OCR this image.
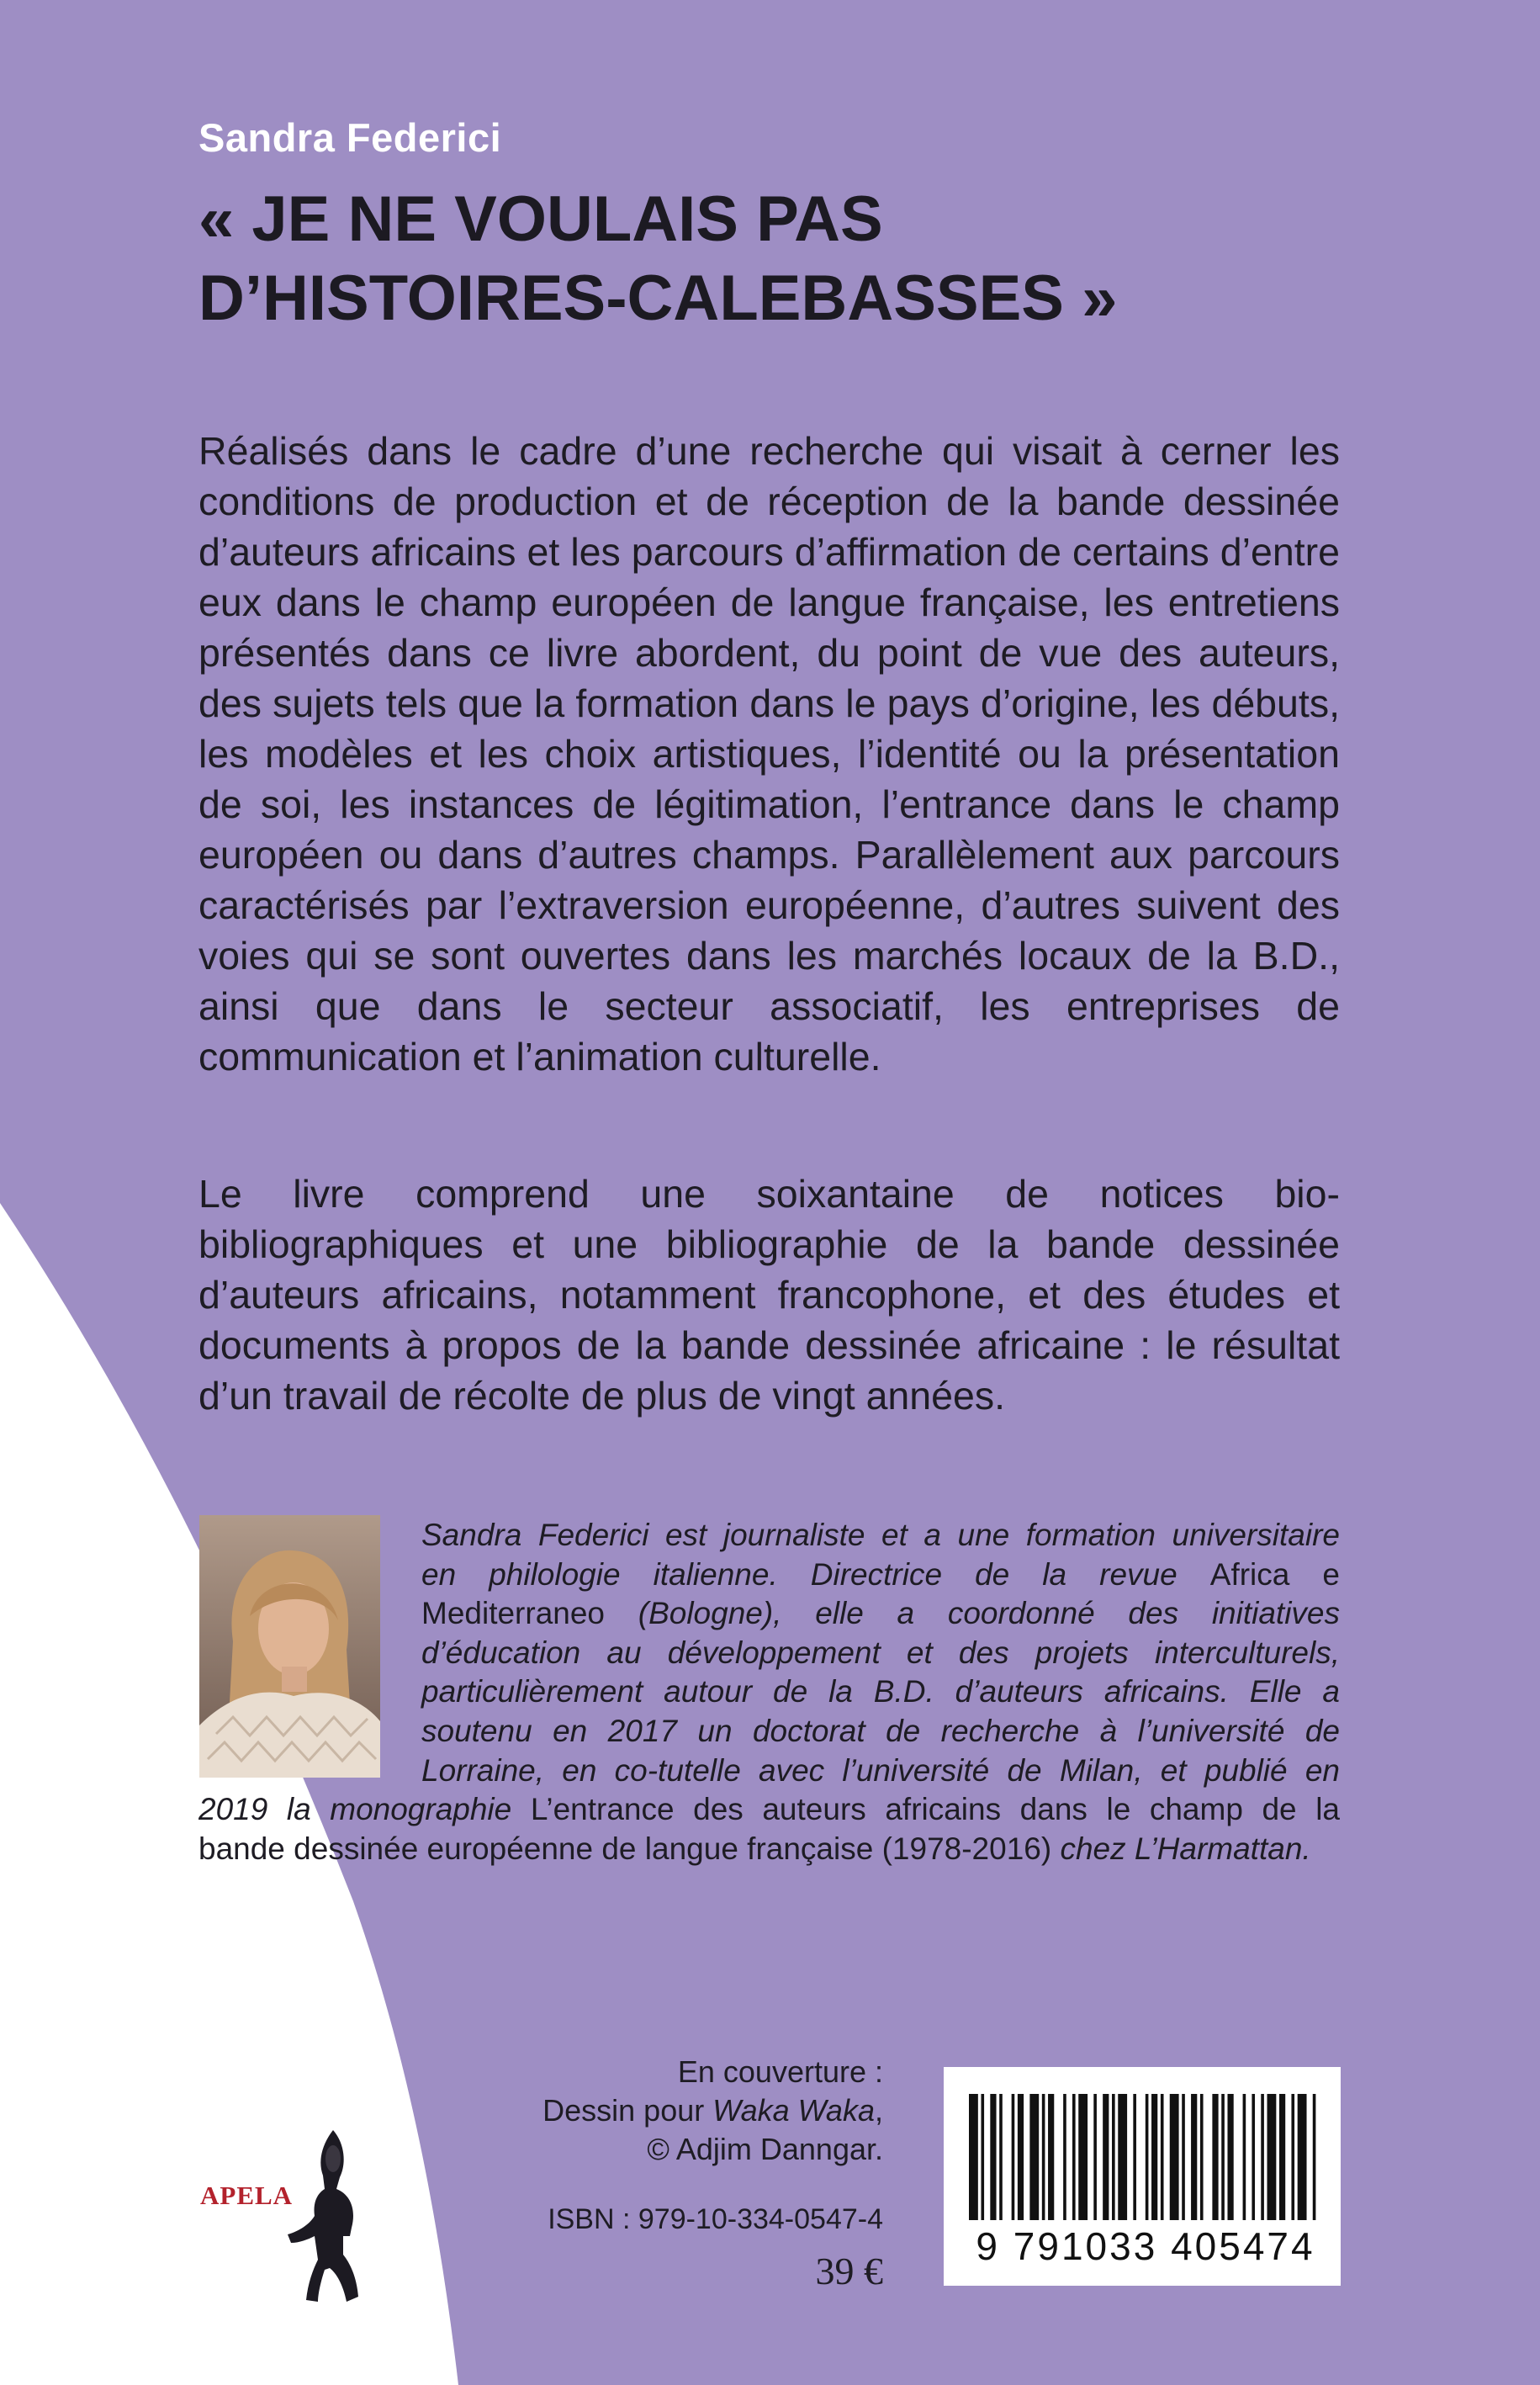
Sandra Federici
« JE NE VOULAIS PAS
D’HISTOIRES-CALEBASSES »
Réalisés dans le cadre d’une recherche qui visait à cerner les conditions de production et de réception de la bande dessinée d’auteurs africains et les parcours d’affirmation de certains d’entre eux dans le champ européen de langue française, les entretiens présentés dans ce livre abordent, du point de vue des auteurs, des sujets tels que la formation dans le pays d’origine, les débuts, les modèles et les choix artistiques, l’identité ou la présentation de soi, les instances de légitimation, l’entrance dans le champ européen ou dans d’autres champs. Parallèlement aux parcours caractérisés par l’extraversion européenne, d’autres suivent des voies qui se sont ouvertes dans les marchés locaux de la B.D., ainsi que dans le secteur associatif, les entreprises de communication et l’animation culturelle.
Le livre comprend une soixantaine de notices bio-bibliographiques et une bibliographie de la bande dessinée d’auteurs africains, notamment francophone, et des études et documents à propos de la bande dessinée africaine : le résultat d’un travail de récolte de plus de vingt années.
Sandra Federici est journaliste et a une formation universitaire
en philologie italienne. Directrice de la revue Africa e
Mediterraneo (Bologne), elle a coordonné des initiatives
d’éducation au développement et des projets interculturels,
particulièrement autour de la B.D. d’auteurs africains. Elle a
soutenu en 2017 un doctorat de recherche à l’université de
Lorraine, en co-tutelle avec l’université de Milan, et publié en
2019 la monographie L’entrance des auteurs africains dans le champ de la
bande dessinée européenne de langue française (1978-2016) chez L’Harmattan.
En couverture :
Dessin pour Waka Waka,
© Adjim Danngar.
ISBN : 979-10-334-0547-4
39 €
9 791033 405474
APELA
